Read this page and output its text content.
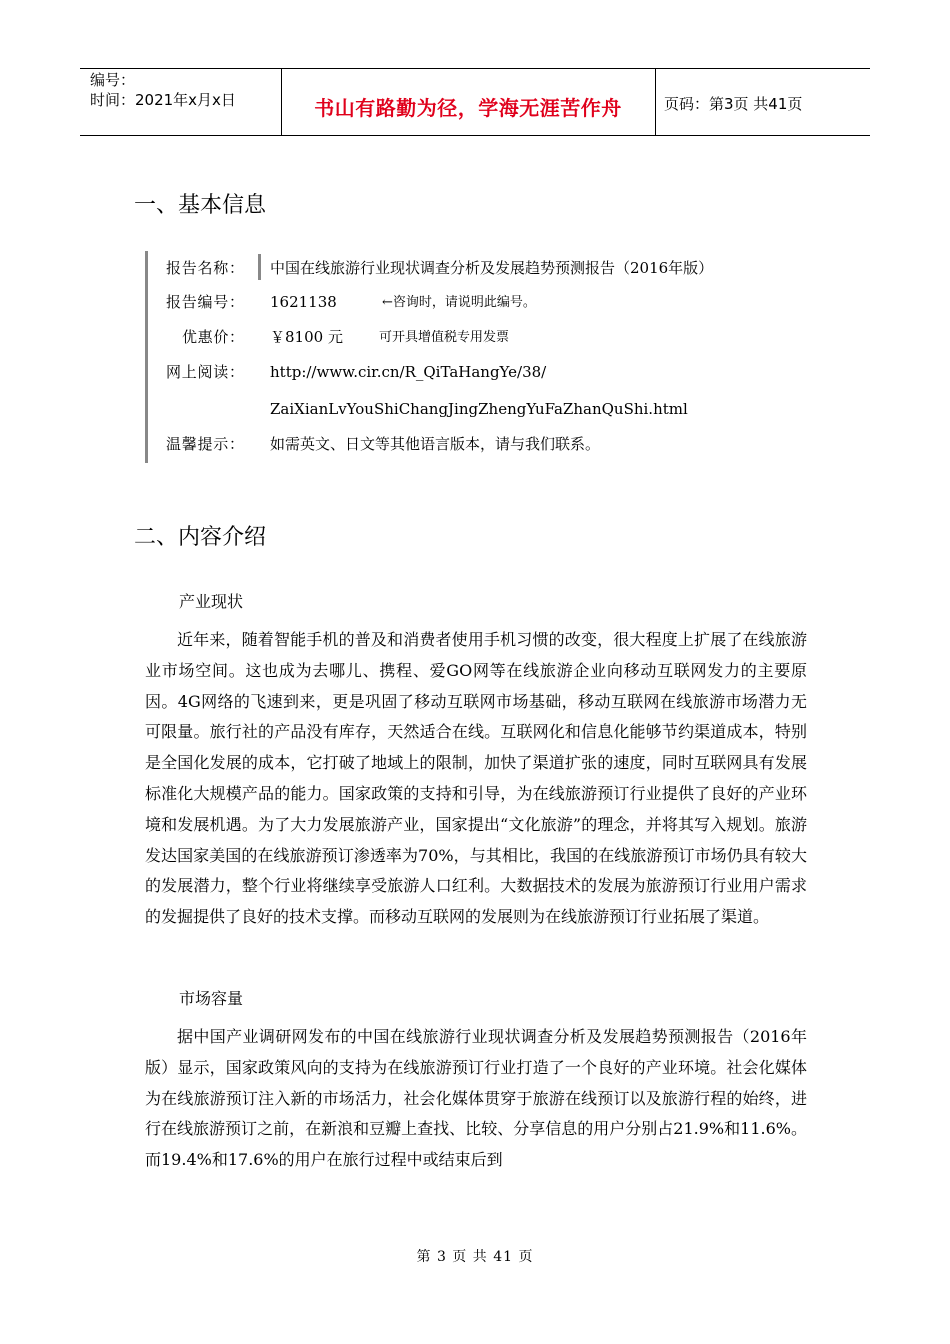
编号：
时间：2021年x月x日	书山有路勤为径，学海无涯苦作舟	页码：第3页 共41页
一、基本信息
报告名称： 中国在线旅游行业现状调查分析及发展趋势预测报告（2016年版）
报告编号： 1621138	←咨询时，请说明此编号。
优惠价： ￥8100 元	可开具增值税专用发票
网上阅读： http://www.cir.cn/R_QiTaHangYe/38/
ZaiXianLvYouShiChangJingZhengYuFaZhanQuShi.html
温馨提示： 如需英文、日文等其他语言版本，请与我们联系。
二、内容介绍
产业现状

近年来，随着智能手机的普及和消费者使用手机习惯的改变，很大程度上扩展了在线旅游业市场空间。这也成为去哪儿、携程、爱GO网等在线旅游企业向移动互联网发力的主要原因。4G网络的飞速到来，更是巩固了移动互联网市场基础，移动互联网在线旅游市场潜力无可限量。旅行社的产品没有库存，天然适合在线。互联网化和信息化能够节约渠道成本，特别是全国化发展的成本，它打破了地域上的限制，加快了渠道扩张的速度，同时互联网具有发展标准化大规模产品的能力。国家政策的支持和引导，为在线旅游预订行业提供了良好的产业环境和发展机遇。为了大力发展旅游产业，国家提出“文化旅游”的理念，并将其写入规划。旅游发达国家美国的在线旅游预订渗透率为70%，与其相比，我国的在线旅游预订市场仍具有较大的发展潜力，整个行业将继续享受旅游人口红利。大数据技术的发展为旅游预订行业用户需求的发掘提供了良好的技术支撑。而移动互联网的发展则为在线旅游预订行业拓展了渠道。

市场容量

据中国产业调研网发布的中国在线旅游行业现状调查分析及发展趋势预测报告（2016年版）显示，国家政策风向的支持为在线旅游预订行业打造了一个良好的产业环境。社会化媒体为在线旅游预订注入新的市场活力，社会化媒体贯穿于旅游在线预订以及旅游行程的始终，进行在线旅游预订之前，在新浪和豆瓣上查找、比较、分享信息的用户分别占21.9%和11.6%。而19.4%和17.6%的用户在旅行过程中或结束后到

第 3 页 共 41 页
